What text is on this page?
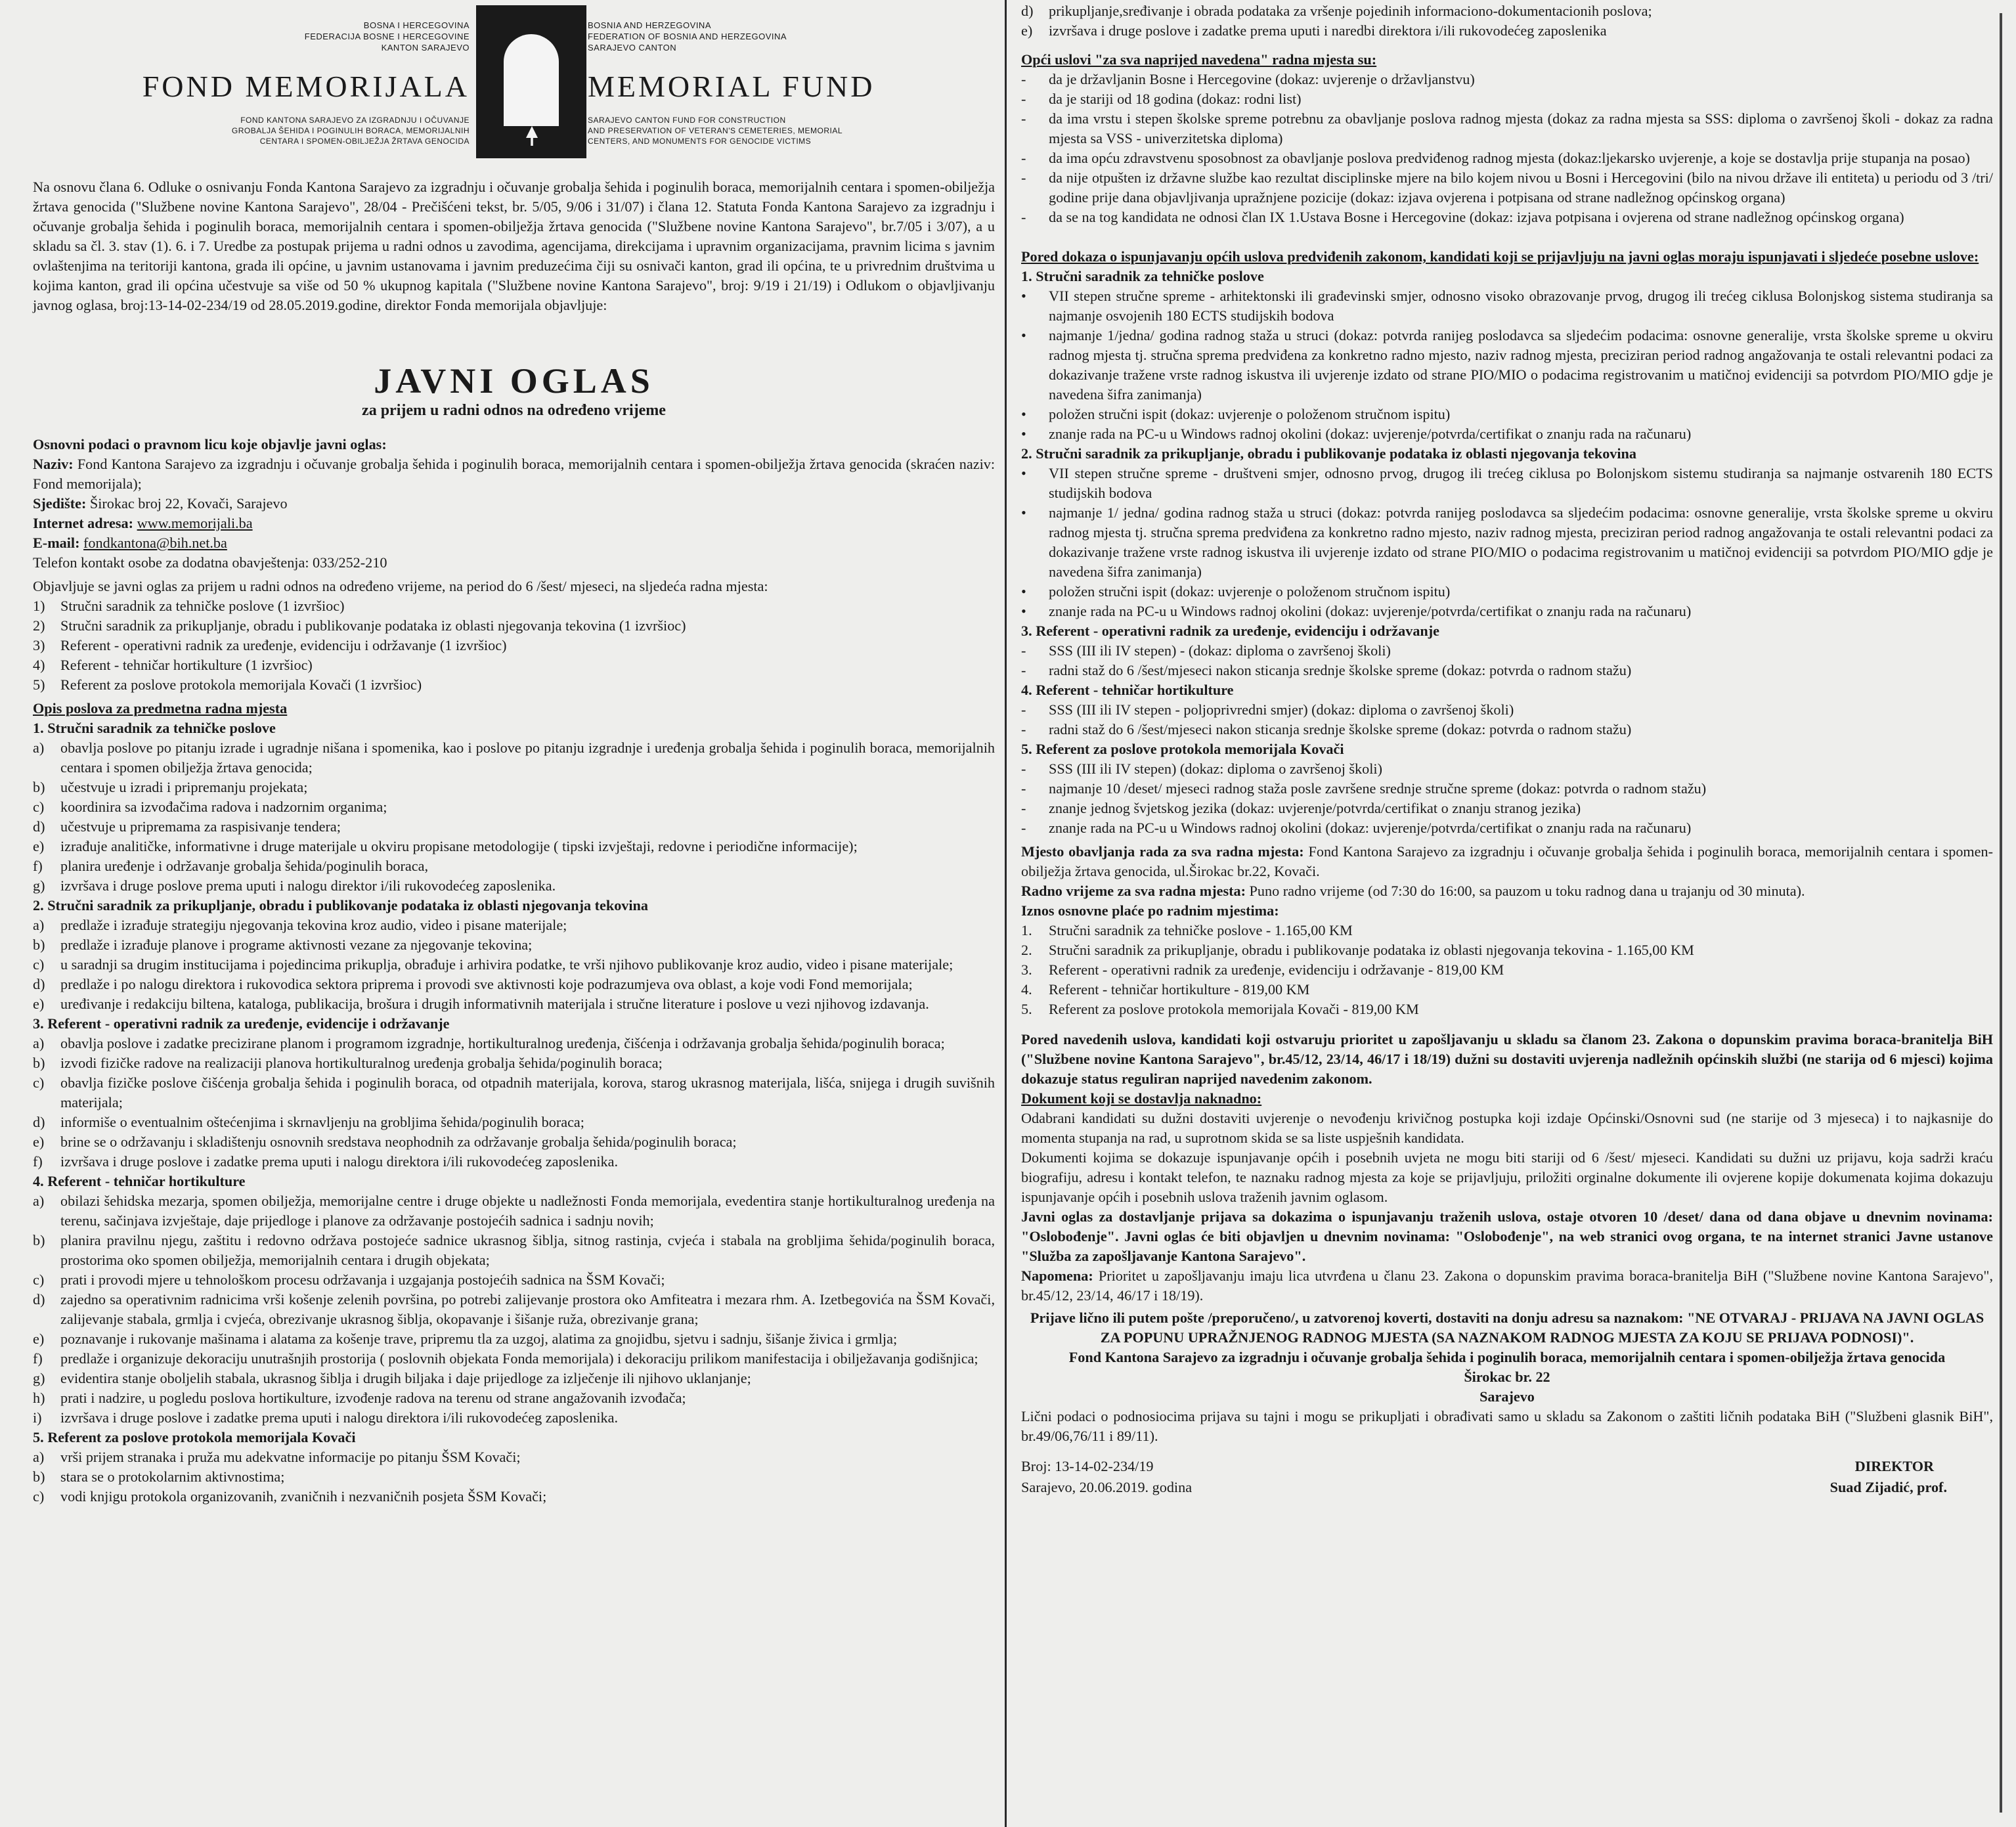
BOSNA I HERCEGOVINA
FEDERACIJA BOSNE I HERCEGOVINE
KANTON SARAJEVO
FOND MEMORIJALA
FOND KANTONA SARAJEVO ZA IZGRADNJU I OČUVANJE
GROBALJA ŠEHIDA I POGINULIH BORACA, MEMORIJALNIH
CENTARA I SPOMEN-OBILJEŽJA ŽRTAVA GENOCIDA
BOSNIA AND HERZEGOVINA
FEDERATION OF BOSNIA AND HERZEGOVINA
SARAJEVO CANTON
MEMORIAL FUND
SARAJEVO CANTON FUND FOR CONSTRUCTION
AND PRESERVATION OF VETERAN'S CEMETERIES, MEMORIAL
CENTERS, AND MONUMENTS FOR GENOCIDE VICTIMS

Na osnovu člana 6. Odluke o osnivanju Fonda Kantona Sarajevo za izgradnju i očuvanje grobalja šehida i poginulih boraca, memorijalnih centara i spomen-obilježja žrtava genocida ("Službene novine Kantona Sarajevo", 28/04 - Prečišćeni tekst, br. 5/05, 9/06 i 31/07) i člana 12. Statuta Fonda Kantona Sarajevo za izgradnju i očuvanje grobalja šehida i poginulih boraca, memorijalnih centara i spomen-obilježja žrtava genocida ("Službene novine Kantona Sarajevo", br.7/05 i 3/07), a u skladu sa čl. 3. stav (1). 6. i 7. Uredbe za postupak prijema u radni odnos u zavodima, agencijama, direkcijama i upravnim organizacijama, pravnim licima s javnim ovlaštenjima na teritoriji kantona, grada ili općine, u javnim ustanovama i javnim preduzećima čiji su osnivači kanton, grad ili općina, te u privrednim društvima u kojima kanton, grad ili općina učestvuje sa više od 50 % ukupnog kapitala ("Službene novine Kantona Sarajevo", broj: 9/19 i 21/19) i Odlukom o objavljivanju javnog oglasa, broj:13-14-02-234/19 od 28.05.2019.godine, direktor Fonda memorijala objavljuje:

JAVNI OGLAS
za prijem u radni odnos na određeno vrijeme
Osnovni podaci o pravnom licu koje objavlje javni oglas:

Naziv: Fond Kantona Sarajevo za izgradnju i očuvanje grobalja šehida i poginulih boraca, memorijalnih centara i spomen-obilježja žrtava genocida (skraćen naziv: Fond memorijala);

Sjedište: Širokac broj 22, Kovači, Sarajevo

Internet adresa: www.memorijali.ba

E-mail: fondkantona@bih.net.ba

Telefon kontakt osobe za dodatna obavještenja: 033/252-210

Objavljuje se javni oglas za prijem u radni odnos na određeno vrijeme, na period do 6 /šest/ mjeseci, na sljedeća radna mjesta:

1) Stručni saradnik za tehničke poslove (1 izvršioc)
2) Stručni saradnik za prikupljanje, obradu i publikovanje podataka iz oblasti njegovanja tekovina (1 izvršioc)
3) Referent - operativni radnik za uređenje, evidenciju i održavanje (1 izvršioc)
4) Referent - tehničar hortikulture (1 izvršioc)
5) Referent za poslove protokola memorijala Kovači (1 izvršioc)
Opis poslova za predmetna radna mjesta
1. Stručni saradnik za tehničke poslove
a) obavlja poslove po pitanju izrade i ugradnje nišana i spomenika, kao i poslove po pitanju izgradnje i uređenja grobalja šehida i poginulih boraca, memorijalnih centara i spomen obilježja žrtava genocida;
b) učestvuje u izradi i pripremanju projekata;
c) koordinira sa izvođačima radova i nadzornim organima;
d) učestvuje u pripremama za raspisivanje tendera;
e) izrađuje analitičke, informativne i druge materijale u okviru propisane metodologije ( tipski izvještaji, redovne i periodične informacije);
f) planira uređenje i održavanje grobalja šehida/poginulih boraca,
g) izvršava i druge poslove prema uputi i nalogu direktor i/ili rukovodećeg zaposlenika.
2. Stručni saradnik za prikupljanje, obradu i publikovanje podataka iz oblasti njegovanja tekovina
a) predlaže i izrađuje strategiju njegovanja tekovina kroz audio, video i pisane materijale;
b) predlaže i izrađuje planove i programe aktivnosti vezane za njegovanje tekovina;
c) u saradnji sa drugim institucijama i pojedincima prikuplja, obrađuje i arhivira podatke, te vrši njihovo publikovanje kroz audio, video i pisane materijale;
d) predlaže i po nalogu direktora i rukovodica sektora priprema i provodi sve aktivnosti koje podrazumjeva ova oblast, a koje vodi Fond memorijala;
e) uređivanje i redakciju biltena, kataloga, publikacija, brošura i drugih informativnih materijala i stručne literature i poslove u vezi njihovog izdavanja.
3. Referent - operativni radnik za uređenje, evidencije i održavanje
a) obavlja poslove i zadatke precizirane planom i programom izgradnje, hortikulturalnog uređenja, čišćenja i održavanja grobalja šehida/poginulih boraca;
b) izvodi fizičke radove na realizaciji planova hortikulturalnog uređenja grobalja šehida/poginulih boraca;
c) obavlja fizičke poslove čišćenja grobalja šehida i poginulih boraca, od otpadnih materijala, korova, starog ukrasnog materijala, lišća, snijega i drugih suvišnih materijala;
d) informiše o eventualnim oštećenjima i skrnavljenju na grobljima šehida/poginulih boraca;
e) brine se o održavanju i skladištenju osnovnih sredstava neophodnih za održavanje grobalja šehida/poginulih boraca;
f) izvršava i druge poslove i zadatke prema uputi i nalogu direktora i/ili rukovodećeg zaposlenika.
4. Referent - tehničar hortikulture
a) obilazi šehidska mezarja, spomen obilježja, memorijalne centre i druge objekte u nadležnosti Fonda memorijala, evedentira stanje hortikulturalnog uređenja na terenu, sačinjava izvještaje, daje prijedloge i planove za održavanje postojećih sadnica i sadnju novih;
b) planira pravilnu njegu, zaštitu i redovno održava postojeće sadnice ukrasnog šiblja, sitnog rastinja, cvjeća i stabala na grobljima šehida/poginulih boraca, prostorima oko spomen obilježja, memorijalnih centara i drugih objekata;
c) prati i provodi mjere u tehnološkom procesu održavanja i uzgajanja postojećih sadnica na ŠSM Kovači;
d) zajedno sa operativnim radnicima vrši košenje zelenih površina, po potrebi zalijevanje prostora oko Amfiteatra i mezara rhm. A. Izetbegovića na ŠSM Kovači, zalijevanje stabala, grmlja i cvjeća, obrezivanje ukrasnog šiblja, okopavanje i šišanje ruža, obrezivanje grana;
e) poznavanje i rukovanje mašinama i alatama za košenje trave, pripremu tla za uzgoj, alatima za gnojidbu, sjetvu i sadnju, šišanje živica i grmlja;
f) predlaže i organizuje dekoraciju unutrašnjih prostorija ( poslovnih objekata Fonda memorijala) i dekoraciju prilikom manifestacija i obilježavanja godišnjica;
g) evidentira stanje oboljelih stabala, ukrasnog šiblja i drugih biljaka i daje prijedloge za izlječenje ili njihovo uklanjanje;
h) prati i nadzire, u pogledu poslova hortikulture, izvođenje radova na terenu od strane angažovanih izvođača;
i) izvršava i druge poslove i zadatke prema uputi i nalogu direktora i/ili rukovodećeg zaposlenika.
5. Referent za poslove protokola memorijala Kovači
a) vrši prijem stranaka i pruža mu adekvatne informacije po pitanju ŠSM Kovači;
b) stara se o protokolarnim aktivnostima;
c) vodi knjigu protokola organizovanih, zvaničnih i nezvaničnih posjeta ŠSM Kovači;
d) prikupljanje,sređivanje i obrada podataka za vršenje pojedinih informaciono-dokumentacionih poslova;
e) izvršava i druge poslove i zadatke prema uputi i naredbi direktora i/ili rukovodećeg zaposlenika
Opći uslovi "za sva naprijed navedena" radna mjesta su:
- da je državljanin Bosne i Hercegovine (dokaz: uvjerenje o državljanstvu)
- da je stariji od 18 godina (dokaz: rodni list)
- da ima vrstu i stepen školske spreme potrebnu za obavljanje poslova radnog mjesta (dokaz za radna mjesta sa SSS: diploma o završenoj školi - dokaz za radna mjesta sa VSS - univerzitetska diploma)
- da ima opću zdravstvenu sposobnost za obavljanje poslova predviđenog radnog mjesta (dokaz:ljekarsko uvjerenje, a koje se dostavlja prije stupanja na posao)
- da nije otpušten iz državne službe kao rezultat disciplinske mjere na bilo kojem nivou u Bosni i Hercegovini (bilo na nivou države ili entiteta) u periodu od 3 /tri/ godine prije dana objavljivanja upražnjene pozicije (dokaz: izjava ovjerena i potpisana od strane nadležnog općinskog organa)
- da se na tog kandidata ne odnosi član IX 1.Ustava Bosne i Hercegovine (dokaz: izjava potpisana i ovjerena od strane nadležnog općinskog organa)
Pored dokaza o ispunjavanju općih uslova predviđenih zakonom, kandidati koji se prijavljuju na javni oglas moraju ispunjavati i sljedeće posebne uslove:
1. Stručni saradnik za tehničke poslove
• VII stepen stručne spreme - arhitektonski ili građevinski smjer, odnosno visoko obrazovanje prvog, drugog ili trećeg ciklusa Bolonjskog sistema studiranja sa najmanje osvojenih 180 ECTS studijskih bodova
• najmanje 1/jedna/ godina radnog staža u struci (dokaz: potvrda ranijeg poslodavca sa sljedećim podacima: osnovne generalije, vrsta školske spreme u okviru radnog mjesta tj. stručna sprema predviđena za konkretno radno mjesto, naziv radnog mjesta, preciziran period radnog angažovanja te ostali relevantni podaci za dokazivanje tražene vrste radnog iskustva ili uvjerenje izdato od strane PIO/MIO o podacima registrovanim u matičnoj evidenciji sa potvrdom PIO/MIO gdje je navedena šifra zanimanja)
• položen stručni ispit (dokaz: uvjerenje o položenom stručnom ispitu)
• znanje rada na PC-u u Windows radnoj okolini (dokaz: uvjerenje/potvrda/certifikat o znanju rada na računaru)
2. Stručni saradnik za prikupljanje, obradu i publikovanje podataka iz oblasti njegovanja tekovina
• VII stepen stručne spreme - društveni smjer, odnosno prvog, drugog ili trećeg ciklusa po Bolonjskom sistemu studiranja sa najmanje ostvarenih 180 ECTS studijskih bodova
• najmanje 1/ jedna/ godina radnog staža u struci (dokaz: potvrda ranijeg poslodavca sa sljedećim podacima: osnovne generalije, vrsta školske spreme u okviru radnog mjesta tj. stručna sprema predviđena za konkretno radno mjesto, naziv radnog mjesta, preciziran period radnog angažovanja te ostali relevantni podaci za dokazivanje tražene vrste radnog iskustva ili uvjerenje izdato od strane PIO/MIO o podacima registrovanim u matičnoj evidenciji sa potvrdom PIO/MIO gdje je navedena šifra zanimanja)
• položen stručni ispit (dokaz: uvjerenje o položenom stručnom ispitu)
• znanje rada na PC-u u Windows radnoj okolini (dokaz: uvjerenje/potvrda/certifikat o znanju rada na računaru)
3. Referent - operativni radnik za uređenje, evidenciju i održavanje
- SSS (III ili IV stepen) - (dokaz: diploma o završenoj školi)
- radni staž do 6 /šest/mjeseci nakon sticanja srednje školske spreme (dokaz: potvrda o radnom stažu)
4. Referent - tehničar hortikulture
- SSS (III ili IV stepen - poljoprivredni smjer) (dokaz: diploma o završenoj školi)
- radni staž do 6 /šest/mjeseci nakon sticanja srednje školske spreme (dokaz: potvrda o radnom stažu)
5. Referent za poslove protokola memorijala Kovači
- SSS (III ili IV stepen) (dokaz: diploma o završenoj školi)
- najmanje 10 /deset/ mjeseci radnog staža posle završene srednje stručne spreme (dokaz: potvrda o radnom stažu)
- znanje jednog švjetskog jezika (dokaz: uvjerenje/potvrda/certifikat o znanju stranog jezika)
- znanje rada na PC-u u Windows radnoj okolini (dokaz: uvjerenje/potvrda/certifikat o znanju rada na računaru)

Mjesto obavljanja rada za sva radna mjesta: Fond Kantona Sarajevo za izgradnju i očuvanje grobalja šehida i poginulih boraca, memorijalnih centara i spomen-obilježja žrtava genocida, ul.Širokac br.22, Kovači.

Radno vrijeme za sva radna mjesta: Puno radno vrijeme (od 7:30 do 16:00, sa pauzom u toku radnog dana u trajanju od 30 minuta).

Iznos osnovne plaće po radnim mjestima:
1. Stručni saradnik za tehničke poslove - 1.165,00 KM
2. Stručni saradnik za prikupljanje, obradu i publikovanje podataka iz oblasti njegovanja tekovina - 1.165,00 KM
3. Referent - operativni radnik za uređenje, evidenciju i održavanje - 819,00 KM
4. Referent - tehničar hortikulture - 819,00 KM
5. Referent za poslove protokola memorijala Kovači - 819,00 KM

Pored navedenih uslova, kandidati koji ostvaruju prioritet u zapošljavanju u skladu sa članom 23. Zakona o dopunskim pravima boraca-branitelja BiH ("Službene novine Kantona Sarajevo", br.45/12, 23/14, 46/17 i 18/19) dužni su dostaviti uvjerenja nadležnih općinskih službi (ne starija od 6 mjesci) kojima dokazuje status reguliran naprijed navedenim zakonom.

Dokument koji se dostavlja naknadno:

Odabrani kandidati su dužni dostaviti uvjerenje o nevođenju krivičnog postupka koji izdaje Općinski/Osnovni sud (ne starije od 3 mjeseca) i to najkasnije do momenta stupanja na rad, u suprotnom skida se sa liste uspješnih kandidata.

Dokumenti kojima se dokazuje ispunjavanje općih i posebnih uvjeta ne mogu biti stariji od 6 /šest/ mjeseci. Kandidati su dužni uz prijavu, koja sadrži kraću biografiju, adresu i kontakt telefon, te naznaku radnog mjesta za koje se prijavljuju, priložiti orginalne dokumente ili ovjerene kopije dokumenata kojima dokazuju ispunjavanje općih i posebnih uslova traženih javnim oglasom.

Javni oglas za dostavljanje prijava sa dokazima o ispunjavanju traženih uslova, ostaje otvoren 10 /deset/ dana od dana objave u dnevnim novinama: "Oslobođenje". Javni oglas će biti objavljen u dnevnim novinama: "Oslobođenje", na web stranici ovog organa, te na internet stranici Javne ustanove "Služba za zapošljavanje Kantona Sarajevo".

Napomena: Prioritet u zapošljavanju imaju lica utvrđena u članu 23. Zakona o dopunskim pravima boraca-branitelja BiH ("Službene novine Kantona Sarajevo", br.45/12, 23/14, 46/17 i 18/19).

Prijave lično ili putem pošte /preporučeno/, u zatvorenoj koverti, dostaviti na donju adresu sa naznakom: "NE OTVARAJ - PRIJAVA NA JAVNI OGLAS ZA POPUNU UPRAŽNJENOG RADNOG MJESTA (SA NAZNAKOM RADNOG MJESTA ZA KOJU SE PRIJAVA PODNOSI)".

Fond Kantona Sarajevo za izgradnju i očuvanje grobalja šehida i poginulih boraca, memorijalnih centara i spomen-obilježja žrtava genocida

Širokac br. 22

Sarajevo

Lični podaci o podnosiocima prijava su tajni i mogu se prikupljati i obrađivati samo u skladu sa Zakonom o zaštiti ličnih podataka BiH ("Službeni glasnik BiH", br.49/06,76/11 i 89/11).

Broj: 13-14-02-234/19
Sarajevo, 20.06.2019. godina
DIREKTOR
Suad Zijadić, prof.
